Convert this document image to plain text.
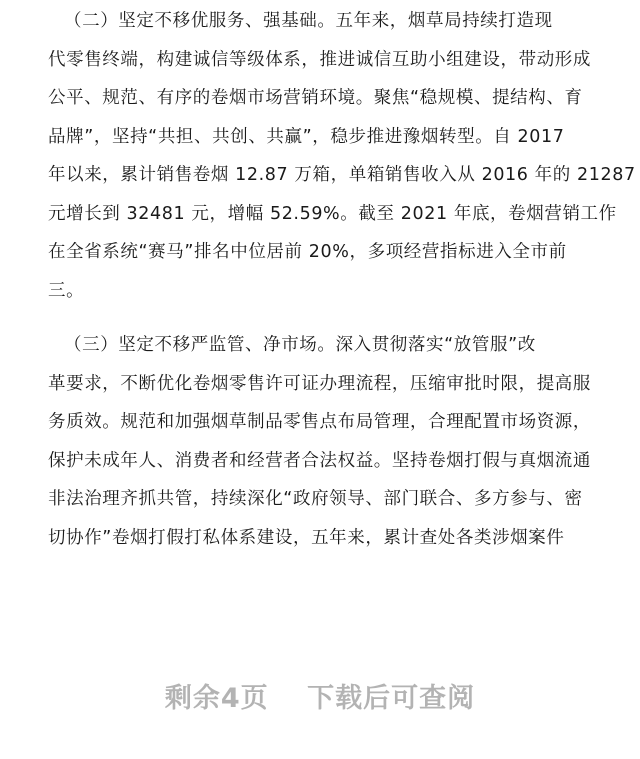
（二）坚定不移优服务、强基础。五年来，烟草局持续打造现
代零售终端，构建诚信等级体系，推进诚信互助小组建设，带动形成
公平、规范、有序的卷烟市场营销环境。聚焦“稳规模、提结构、育
品牌”，坚持“共担、共创、共赢”，稳步推进豫烟转型。自 2017
年以来，累计销售卷烟 12.87 万箱，单箱销售收入从 2016 年的 21287
元增长到 32481 元，增幅 52.59%。截至 2021 年底，卷烟营销工作
在全省系统“赛马”排名中位居前 20%，多项经营指标进入全市前
三。
（三）坚定不移严监管、净市场。深入贯彻落实“放管服”改
革要求，不断优化卷烟零售许可证办理流程，压缩审批时限，提高服
务质效。规范和加强烟草制品零售点布局管理，合理配置市场资源，
保护未成年人、消费者和经营者合法权益。坚持卷烟打假与真烟流通
非法治理齐抓共管，持续深化“政府领导、部门联合、多方参与、密
切协作”卷烟打假打私体系建设，五年来，累计查处各类涉烟案件
剩余4页 下载后可查阅
